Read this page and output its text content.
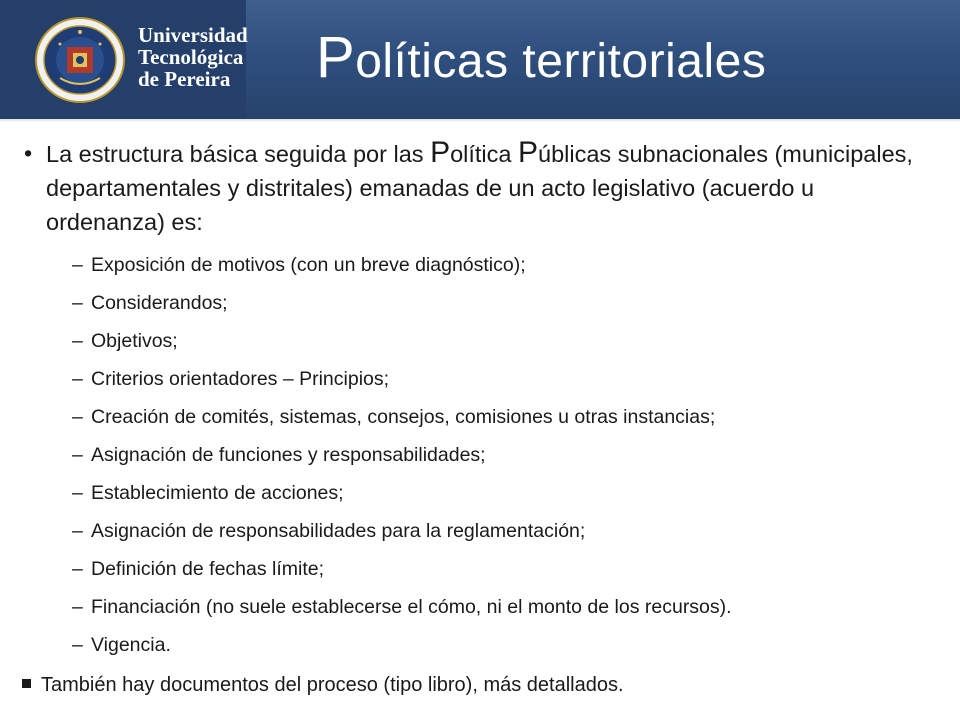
Universidad
Tecnológica
de Pereira Políticas territoriales
• La estructura básica seguida por las Política Públicas subnacionales (municipales, departamentales y distritales) emanadas de un acto legislativo (acuerdo u ordenanza) es:
– Exposición de motivos (con un breve diagnóstico);
– Considerandos;
– Objetivos;
– Criterios orientadores – Principios;
– Creación de comités, sistemas, consejos, comisiones u otras instancias;
– Asignación de funciones y responsabilidades;
– Establecimiento de acciones;
– Asignación de responsabilidades para la reglamentación;
– Definición de fechas límite;
– Financiación (no suele establecerse el cómo, ni el monto de los recursos).
– Vigencia.
También hay documentos del proceso (tipo libro), más detallados.
